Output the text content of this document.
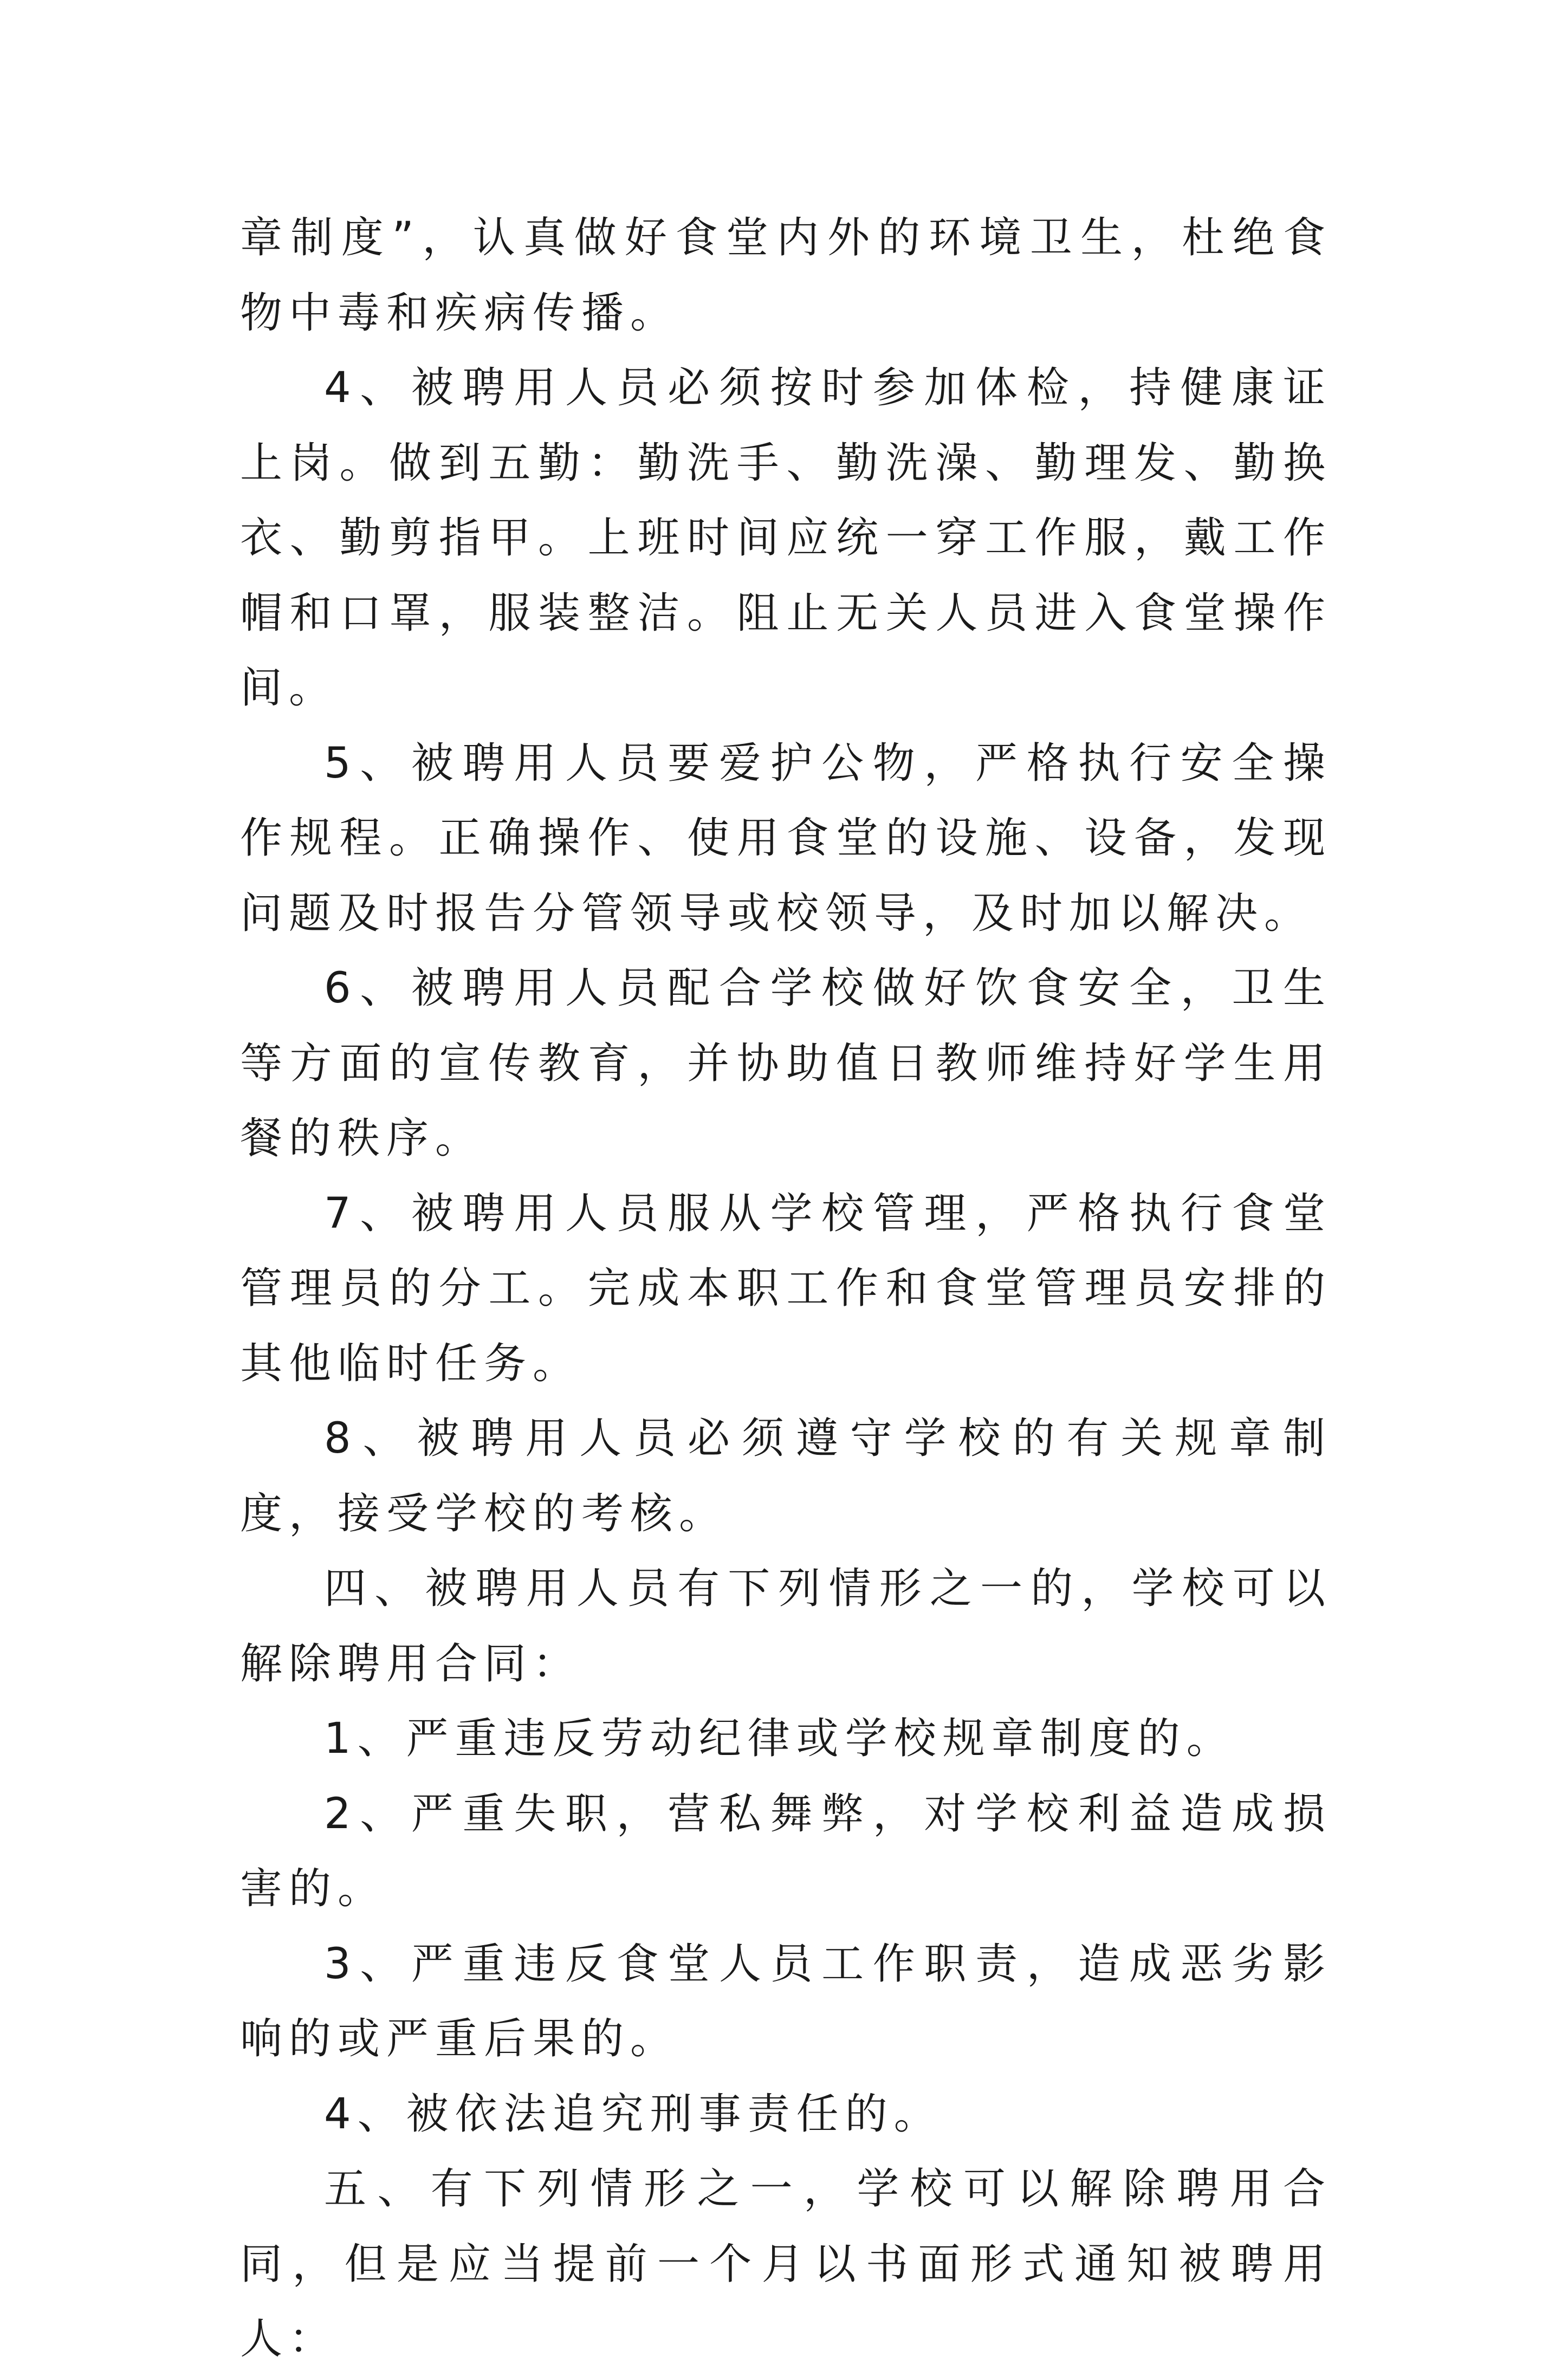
章制度”，认真做好食堂内外的环境卫生，杜绝食物中毒和疾病传播。

4、被聘用人员必须按时参加体检，持健康证上岗。做到五勤：勤洗手、勤洗澡、勤理发、勤换衣、勤剪指甲。上班时间应统一穿工作服，戴工作帽和口罩，服装整洁。阻止无关人员进入食堂操作间。

5、被聘用人员要爱护公物，严格执行安全操作规程。正确操作、使用食堂的设施、设备，发现问题及时报告分管领导或校领导，及时加以解决。

6、被聘用人员配合学校做好饮食安全，卫生等方面的宣传教育，并协助值日教师维持好学生用餐的秩序。

7、被聘用人员服从学校管理，严格执行食堂管理员的分工。完成本职工作和食堂管理员安排的其他临时任务。

8、被聘用人员必须遵守学校的有关规章制度，接受学校的考核。

四、被聘用人员有下列情形之一的，学校可以解除聘用合同：

1、严重违反劳动纪律或学校规章制度的。

2、严重失职，营私舞弊，对学校利益造成损害的。

3、严重违反食堂人员工作职责，造成恶劣影响的或严重后果的。

4、被依法追究刑事责任的。

五、有下列情形之一，学校可以解除聘用合同，但是应当提前一个月以书面形式通知被聘用人：
